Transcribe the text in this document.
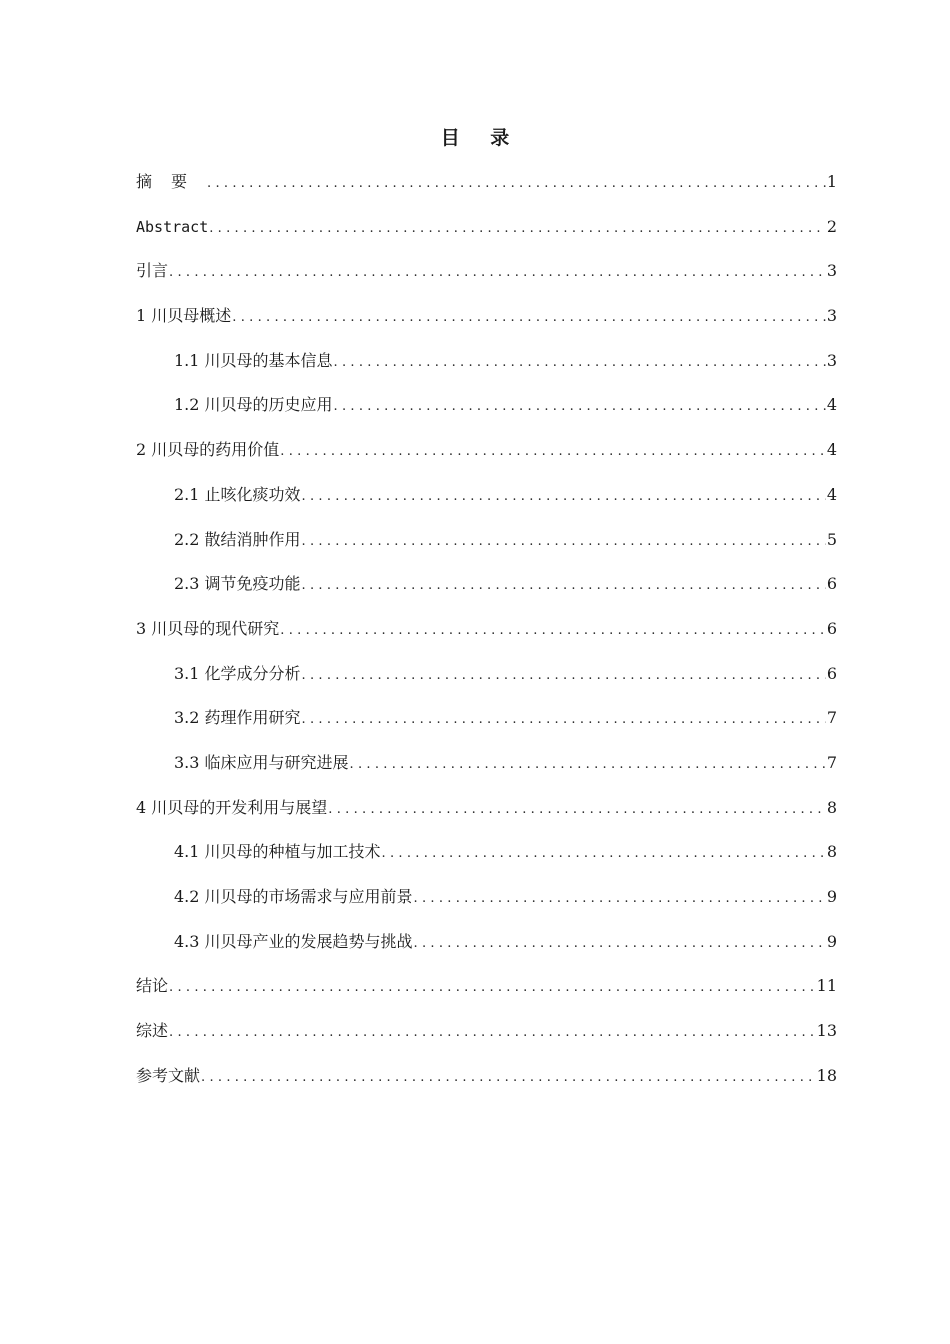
目 录
摘要 .....	1
Abstract .....	2
引言 .....	3
1 川贝母概述 .....	3
1.1 川贝母的基本信息 .....	3
1.2 川贝母的历史应用 .....	4
2 川贝母的药用价值 .....	4
2.1 止咳化痰功效 .....	4
2.2 散结消肿作用 .....	5
2.3 调节免疫功能 .....	6
3 川贝母的现代研究 .....	6
3.1 化学成分分析 .....	6
3.2 药理作用研究 .....	7
3.3 临床应用与研究进展 .....	7
4 川贝母的开发利用与展望 .....	8
4.1 川贝母的种植与加工技术 .....	8
4.2 川贝母的市场需求与应用前景 .....	9
4.3 川贝母产业的发展趋势与挑战 .....	9
结论 .....	11
综述 .....	13
参考文献 .....	18
